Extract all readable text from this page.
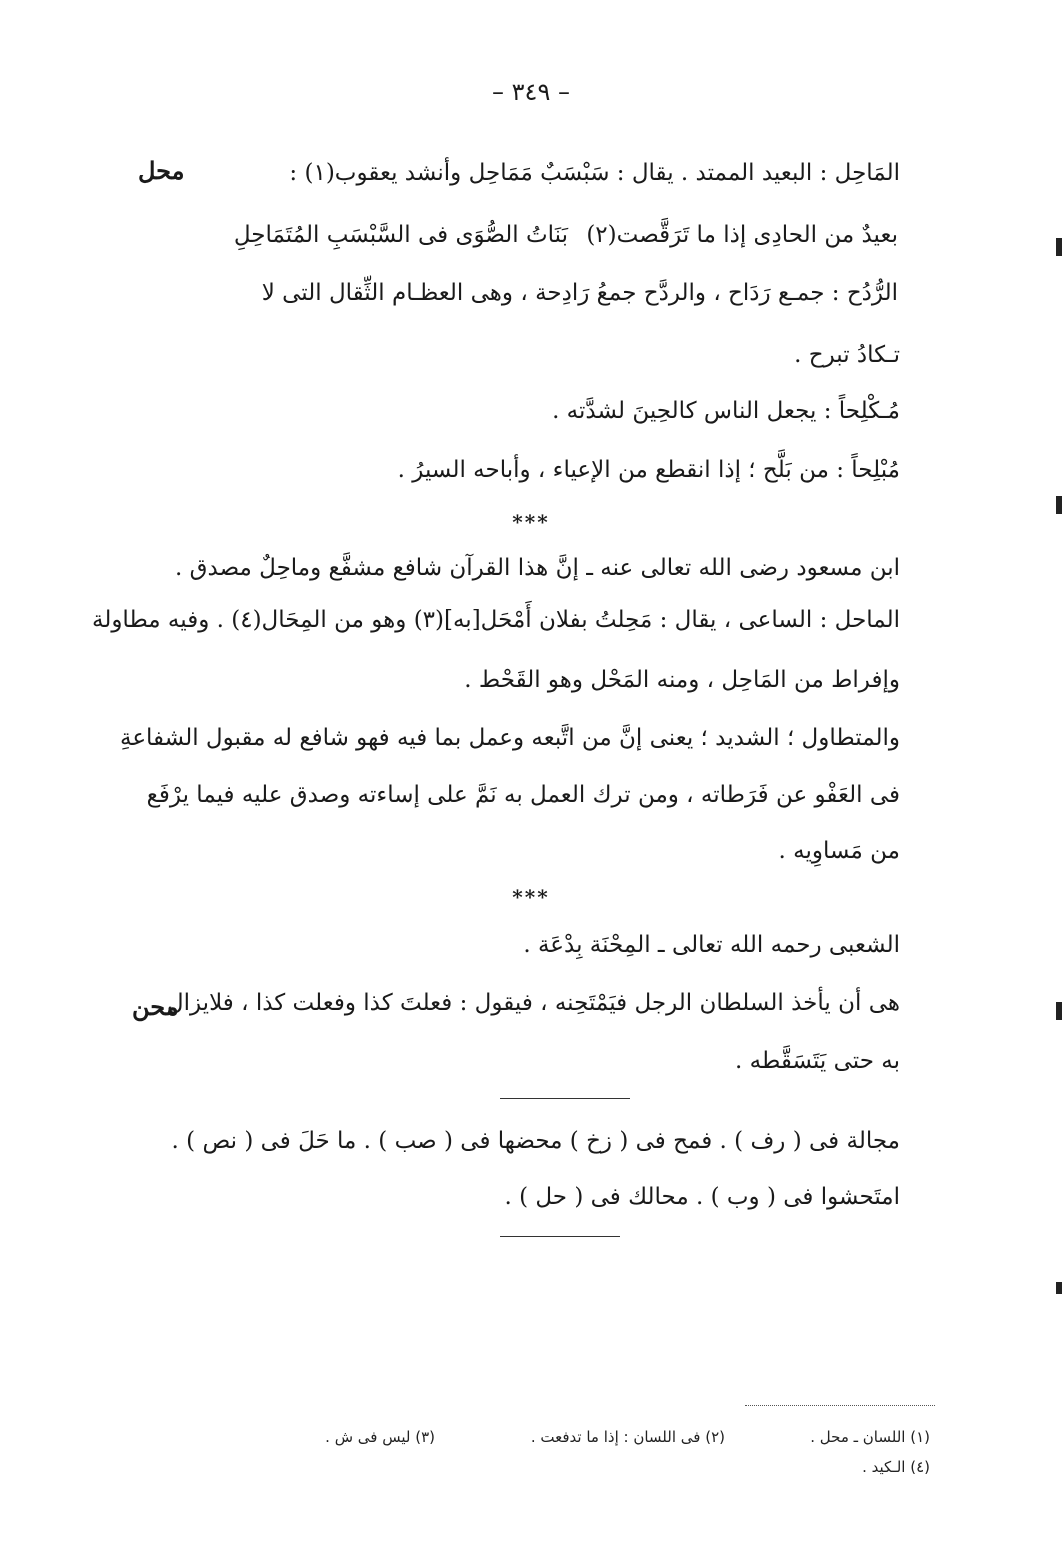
– ٣٤٩ –
محل
محن
المَاحِل : البعيد الممتد . يقال : سَبْسَبٌ مَمَاحِل وأنشد يعقوب(١) :
بعيدٌ من الحادِى إذا ما تَرَقَّصت(٢)
بَنَاتُ الصُّوَى فى السَّبْسَبِ المُتَمَاحِلِ
الرُّدُح : جمـع رَدَاح ، والردَّح جمعُ رَادِحة ، وهى العظـام الثِّقال التى لا
تـكادُ تبرح .
مُـكْلِحاً : يجعل الناس كالحِينَ لشدَّته .
مُبْلِحاً : من بَلَّح ؛ إذا انقطع من الإعياء ، وأباحه السيرُ .
***
ابن مسعود رضى الله تعالى عنه ـ إنَّ هذا القرآن شافع مشفَّع وماحِلٌ مصدق .
الماحل : الساعى ، يقال : مَحِلتُ بفلان أَمْحَل[به](٣) وهو من المِحَال(٤) . وفيه مطاولة
وإفراط من المَاحِل ، ومنه المَحْل وهو القَحْط .
والمتطاول ؛ الشديد ؛ يعنى إنَّ من اتَّبعه وعمل بما فيه فهو شافع له مقبول الشفاعةِ
فى العَفْو عن فَرَطاته ، ومن ترك العمل به نَمَّ على إساءته وصدق عليه فيما يرْفَع
من مَساوِيه .
***
الشعبى رحمه الله تعالى ـ المِحْنَة بِدْعَة .
هى أن يأخذ السلطان الرجل فيَمْتَحِنه ، فيقول : فعلتَ كذا وفعلت كذا ، فلايزال
به حتى يَتَسَقَّطه .
مجالة فى ( رف ) . فمح فى ( زخ ) محضها فى ( صب ) . ما حَلَ فى ( نص ) .
امتَحشوا فى ( وب ) . محالك فى ( حل ) .
(١) اللسان ـ محل .
(٢) فى اللسان : إذا ما تدفعت .
(٣) ليس فى ش .
(٤) الـكيد .
